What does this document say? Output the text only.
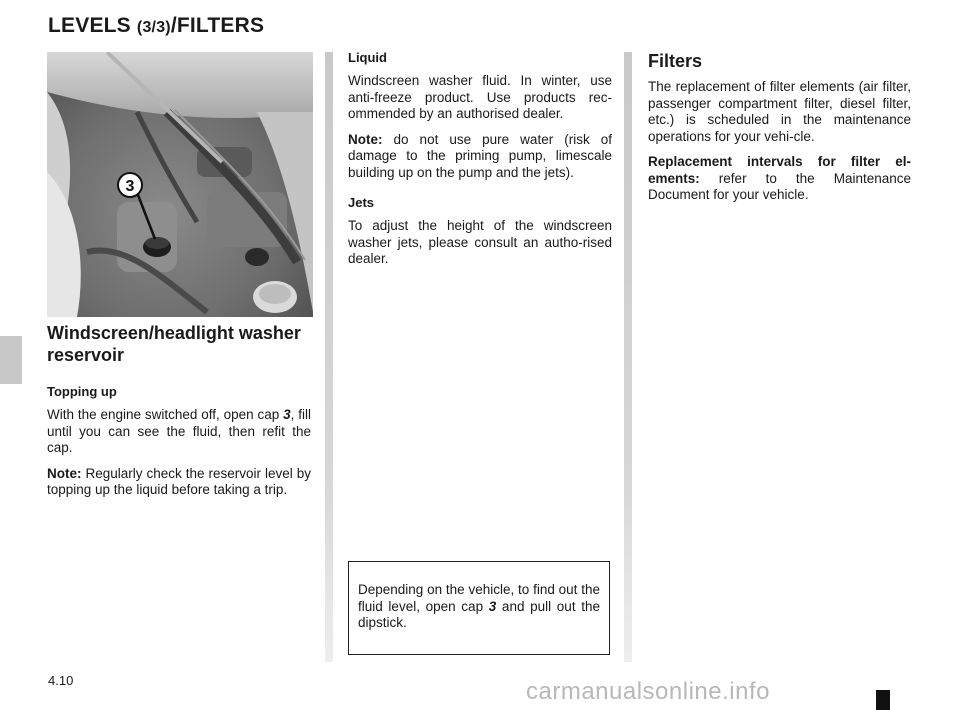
LEVELS (3/3)/FILTERS
3
Windscreen/headlight washer reservoir
Topping up

With the engine switched off, open cap 3, fill until you can see the fluid, then refit the cap.

Note: Regularly check the reservoir level by topping up the liquid before taking a trip.

Liquid

Windscreen washer fluid. In winter, use anti-freeze product. Use products rec-ommended by an authorised dealer.

Note: do not use pure water (risk of damage to the priming pump, limescale building up on the pump and the jets).

Jets

To adjust the height of the windscreen washer jets, please consult an autho-rised dealer.

Depending on the vehicle, to find out the fluid level, open cap 3 and pull out the dipstick.

Filters

The replacement of filter elements (air filter, passenger compartment filter, diesel filter, etc.) is scheduled in the maintenance operations for your vehi-cle.

Replacement intervals for filter el-ements: refer to the Maintenance Document for your vehicle.

4.10	carmanualsonline.info
